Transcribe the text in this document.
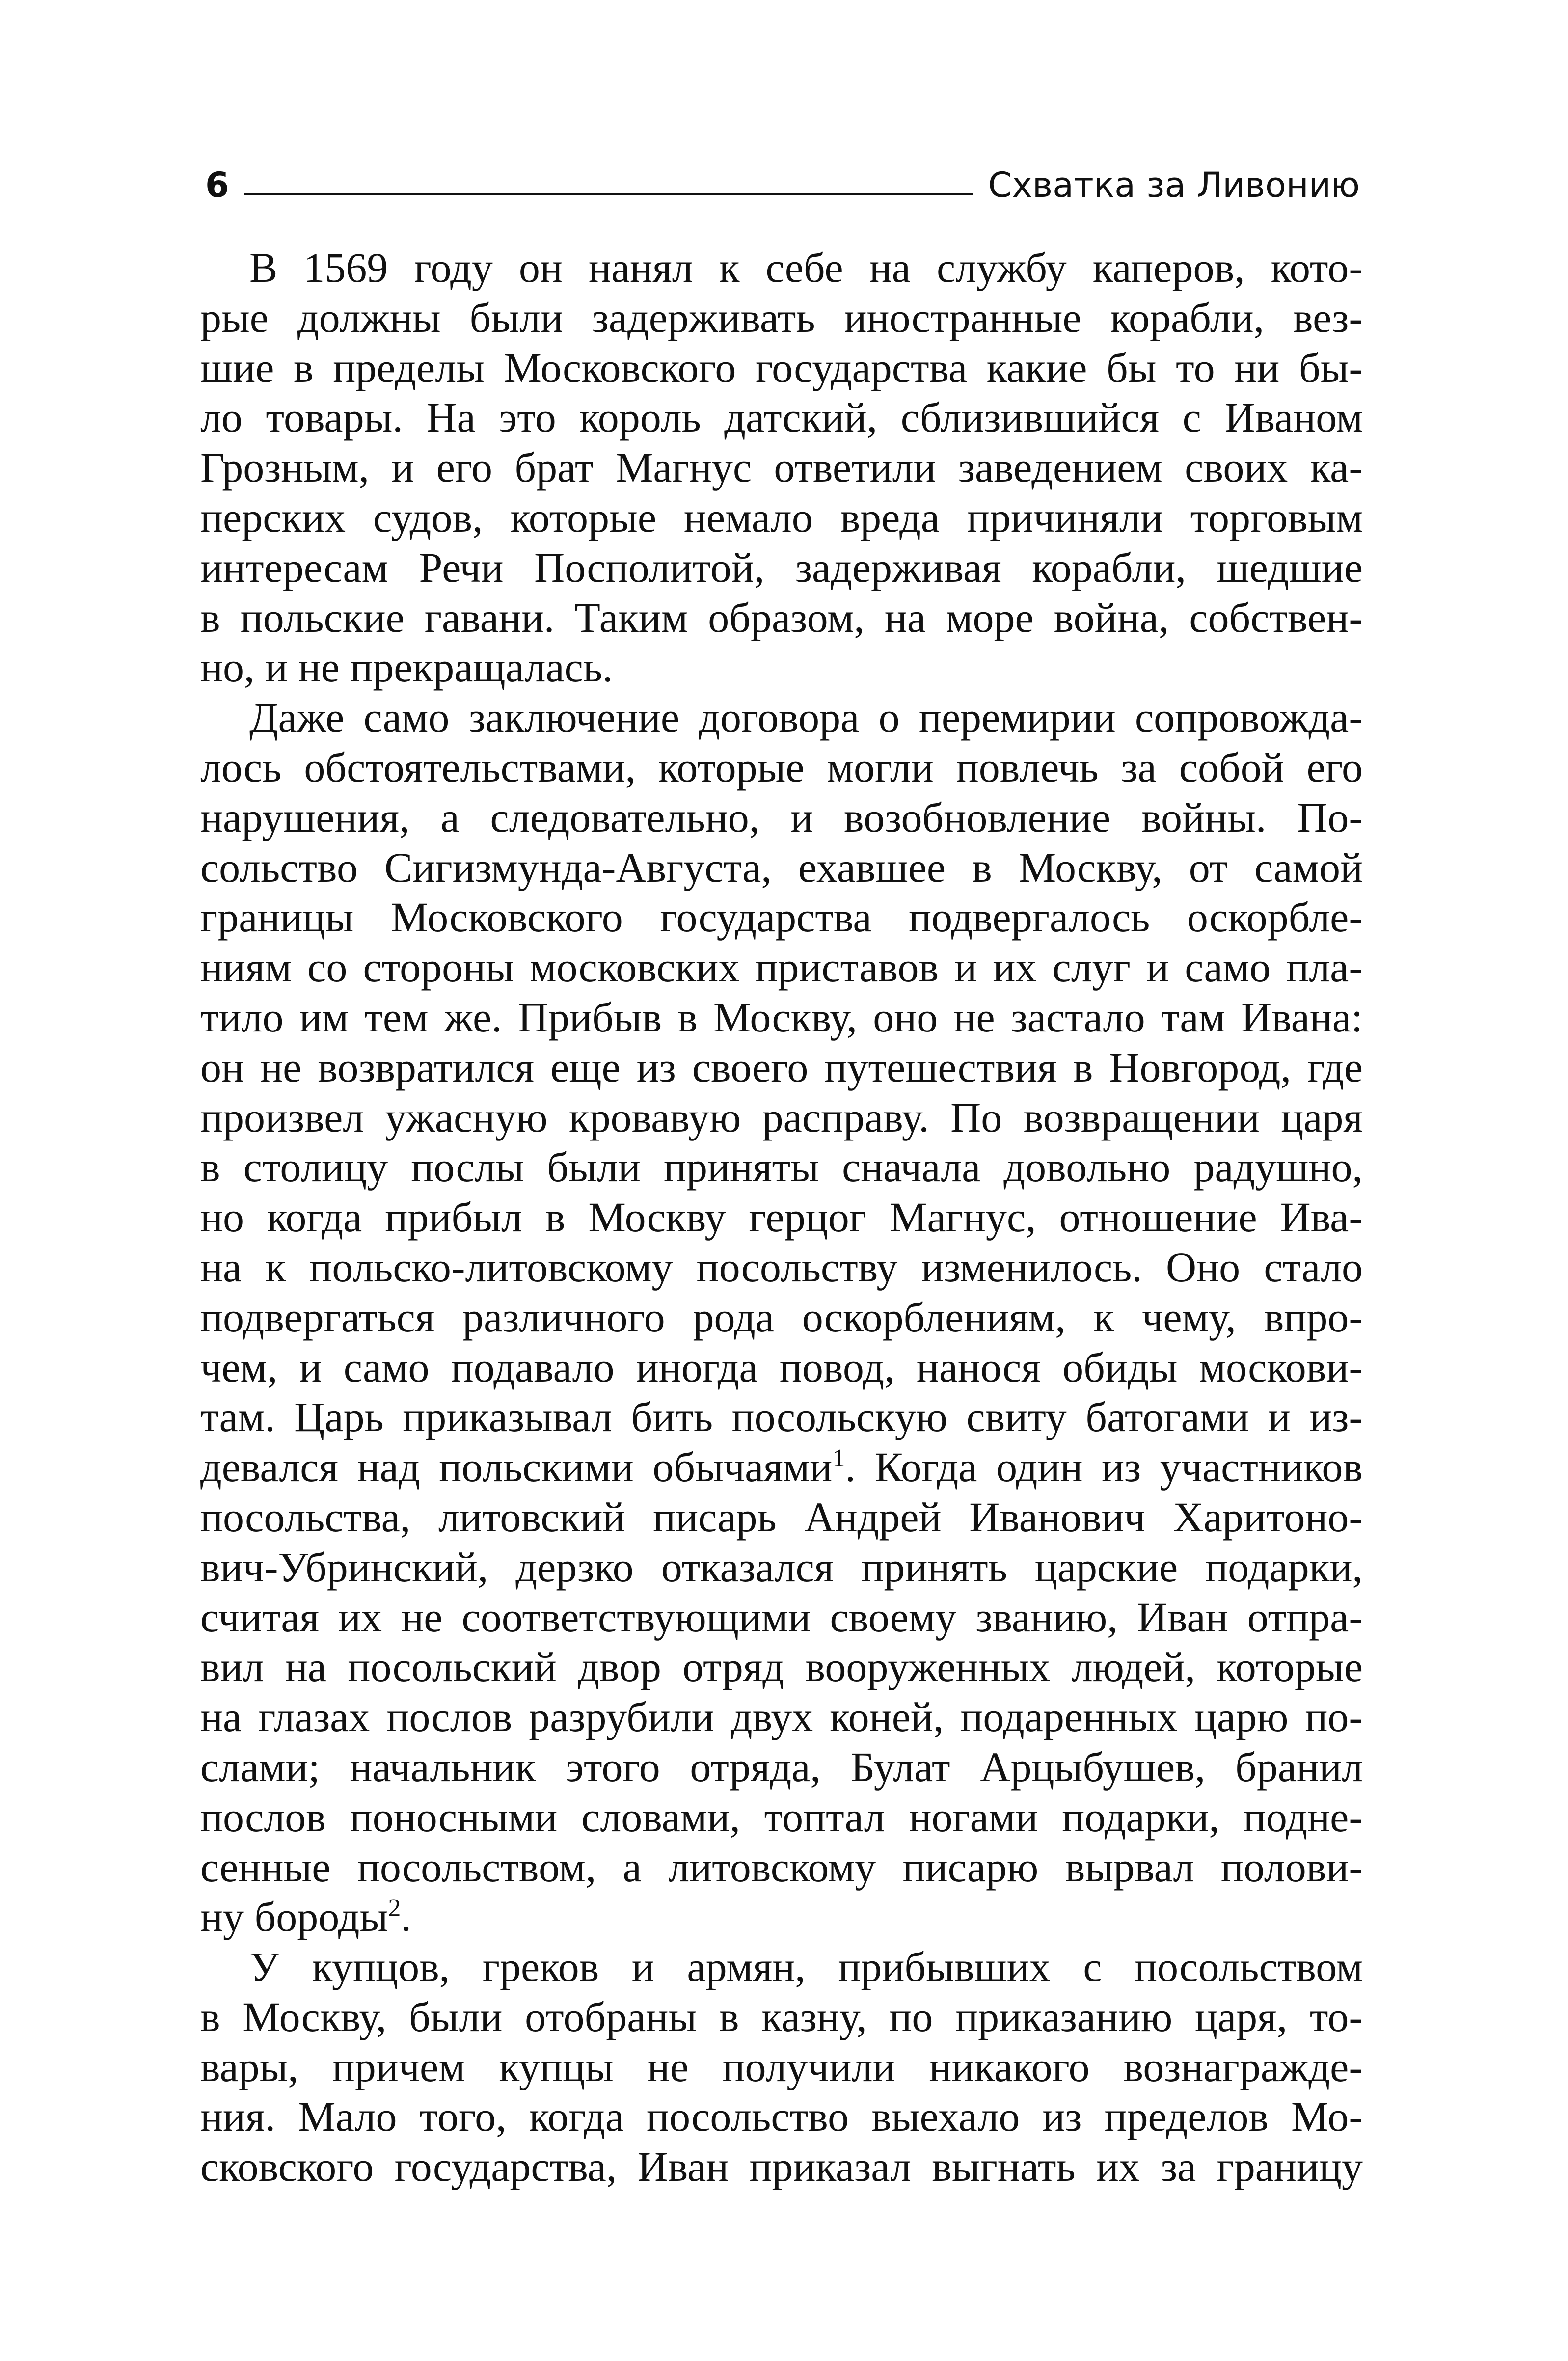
6	Схватка за Ливонию
В 1569 году он нанял к себе на службу каперов, кото-
рые должны были задерживать иностранные корабли, вез-
шие в пределы Московского государства какие бы то ни бы-
ло товары. На это король датский, сблизившийся с Иваном
Грозным, и его брат Магнус ответили заведением своих ка-
перских судов, которые немало вреда причиняли торговым
интересам Речи Посполитой, задерживая корабли, шедшие
в польские гавани. Таким образом, на море война, собствен-
но, и не прекращалась.
Даже само заключение договора о перемирии сопровожда-
лось обстоятельствами, которые могли повлечь за собой его
нарушения, а следовательно, и возобновление войны. По-
сольство Сигизмунда-Августа, ехавшее в Москву, от самой
границы Московского государства подвергалось оскорбле-
ниям со стороны московских приставов и их слуг и само пла-
тило им тем же. Прибыв в Москву, оно не застало там Ивана:
он не возвратился еще из своего путешествия в Новгород, где
произвел ужасную кровавую расправу. По возвращении царя
в столицу послы были приняты сначала довольно радушно,
но когда прибыл в Москву герцог Магнус, отношение Ива-
на к польско-литовскому посольству изменилось. Оно стало
подвергаться различного рода оскорблениям, к чему, впро-
чем, и само подавало иногда повод, нанося обиды москови-
там. Царь приказывал бить посольскую свиту батогами и из-
девался над польскими обычаями$^1$. Когда один из участников
посольства, литовский писарь Андрей Иванович Харитоно-
вич-Убринский, дерзко отказался принять царские подарки,
считая их не соответствующими своему званию, Иван отпра-
вил на посольский двор отряд вооруженных людей, которые
на глазах послов разрубили двух коней, подаренных царю по-
слами; начальник этого отряда, Булат Арцыбушев, бранил
послов поносными словами, топтал ногами подарки, подне-
сенные посольством, а литовскому писарю вырвал полови-
ну бороды$^2$.
У купцов, греков и армян, прибывших с посольством
в Москву, были отобраны в казну, по приказанию царя, то-
вары, причем купцы не получили никакого вознагражде-
ния. Мало того, когда посольство выехало из пределов Мо-
сковского государства, Иван приказал выгнать их за границу
